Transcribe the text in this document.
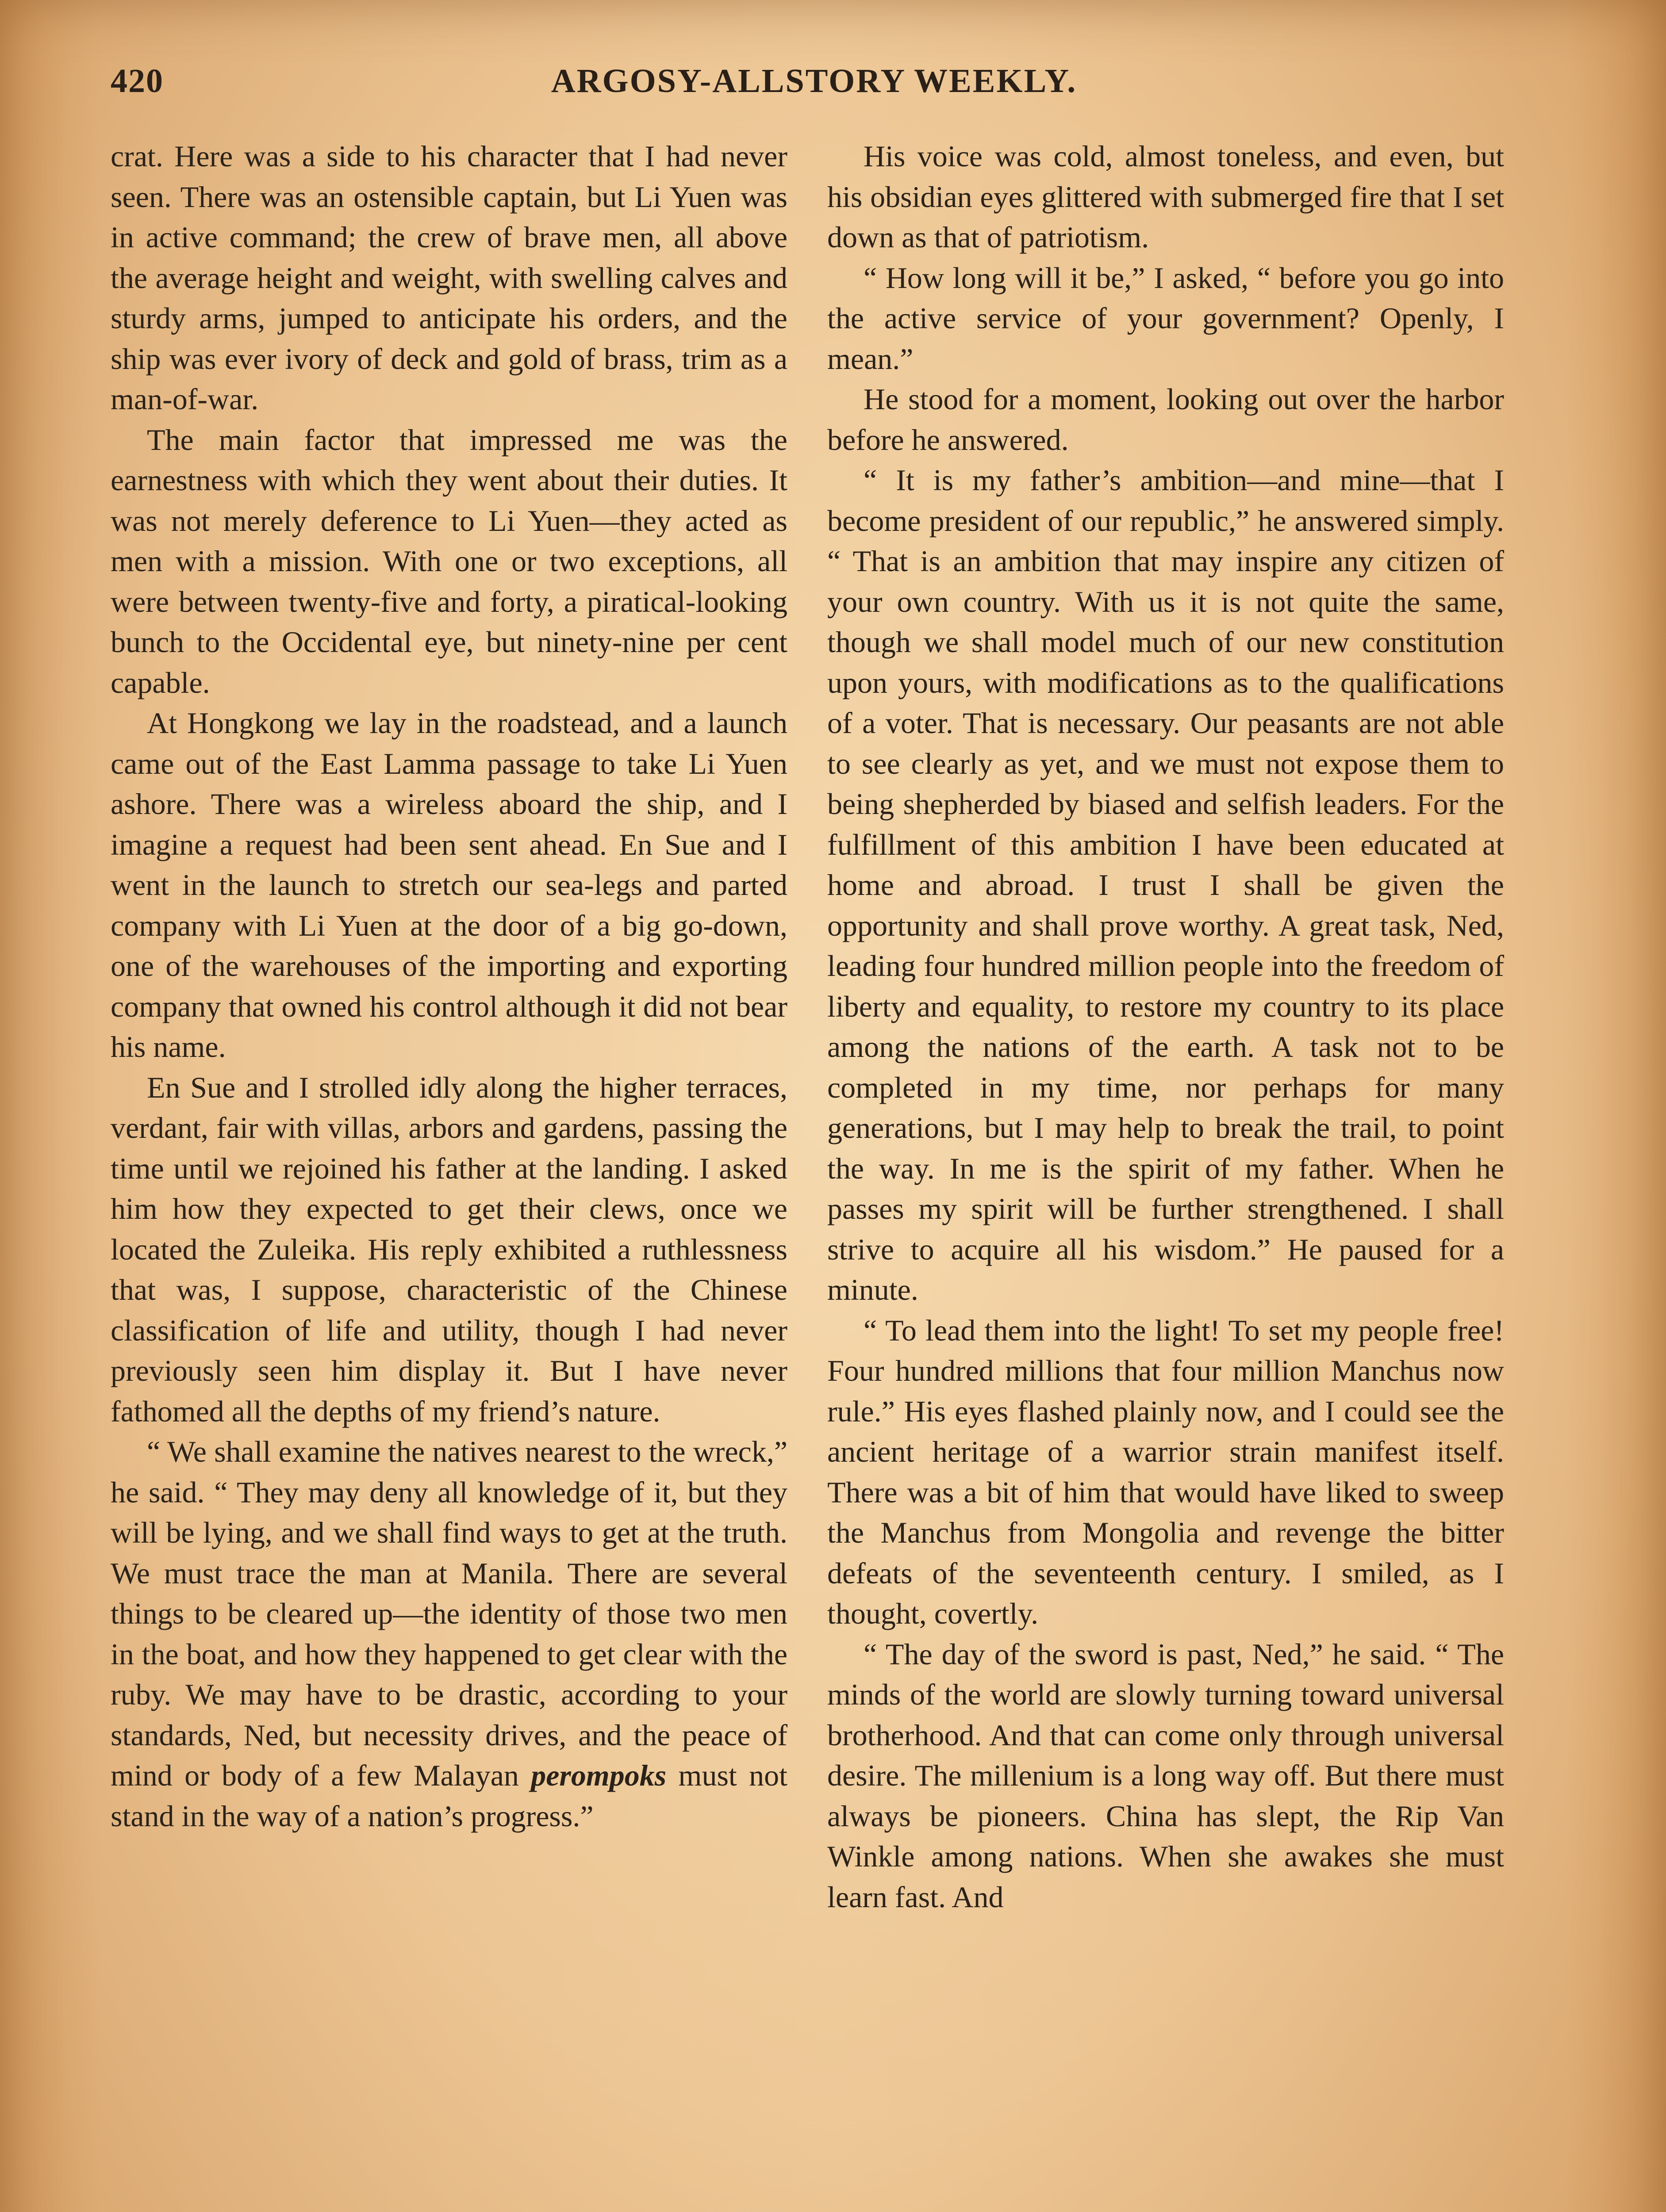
420	ARGOSY-ALLSTORY WEEKLY.

crat. Here was a side to his character that I had never seen. There was an ostensible captain, but Li Yuen was in active command; the crew of brave men, all above the average height and weight, with swelling calves and sturdy arms, jumped to anticipate his orders, and the ship was ever ivory of deck and gold of brass, trim as a man-of-war.

The main factor that impressed me was the earnestness with which they went about their duties. It was not merely deference to Li Yuen—they acted as men with a mission. With one or two exceptions, all were between twenty-five and forty, a piratical-looking bunch to the Occidental eye, but ninety-nine per cent capable.

At Hongkong we lay in the roadstead, and a launch came out of the East Lamma passage to take Li Yuen ashore. There was a wireless aboard the ship, and I imagine a request had been sent ahead. En Sue and I went in the launch to stretch our sea-legs and parted company with Li Yuen at the door of a big go-down, one of the warehouses of the importing and exporting company that owned his control although it did not bear his name.

En Sue and I strolled idly along the higher terraces, verdant, fair with villas, arbors and gardens, passing the time until we rejoined his father at the landing. I asked him how they expected to get their clews, once we located the Zuleika. His reply exhibited a ruthlessness that was, I suppose, characteristic of the Chinese classification of life and utility, though I had never previously seen him display it. But I have never fathomed all the depths of my friend’s nature.

“ We shall examine the natives nearest to the wreck,” he said. “ They may deny all knowledge of it, but they will be lying, and we shall find ways to get at the truth. We must trace the man at Manila. There are several things to be cleared up—the identity of those two men in the boat, and how they happened to get clear with the ruby. We may have to be drastic, according to your standards, Ned, but necessity drives, and the peace of mind or body of a few Malayan perompoks must not stand in the way of a nation’s progress.”

His voice was cold, almost toneless, and even, but his obsidian eyes glittered with submerged fire that I set down as that of patriotism.

“ How long will it be,” I asked, “ before you go into the active service of your government? Openly, I mean.”

He stood for a moment, looking out over the harbor before he answered.

“ It is my father’s ambition—and mine—that I become president of our republic,” he answered simply. “ That is an ambition that may inspire any citizen of your own country. With us it is not quite the same, though we shall model much of our new constitution upon yours, with modifications as to the qualifications of a voter. That is necessary. Our peasants are not able to see clearly as yet, and we must not expose them to being shepherded by biased and selfish leaders. For the fulfillment of this ambition I have been educated at home and abroad. I trust I shall be given the opportunity and shall prove worthy. A great task, Ned, leading four hundred million people into the freedom of liberty and equality, to restore my country to its place among the nations of the earth. A task not to be completed in my time, nor perhaps for many generations, but I may help to break the trail, to point the way. In me is the spirit of my father. When he passes my spirit will be further strengthened. I shall strive to acquire all his wisdom.” He paused for a minute.

“ To lead them into the light! To set my people free! Four hundred millions that four million Manchus now rule.” His eyes flashed plainly now, and I could see the ancient heritage of a warrior strain manifest itself. There was a bit of him that would have liked to sweep the Manchus from Mongolia and revenge the bitter defeats of the seventeenth century. I smiled, as I thought, covertly.

“ The day of the sword is past, Ned,” he said. “ The minds of the world are slowly turning toward universal brotherhood. And that can come only through universal desire. The millenium is a long way off. But there must always be pioneers. China has slept, the Rip Van Winkle among nations. When she awakes she must learn fast. And
